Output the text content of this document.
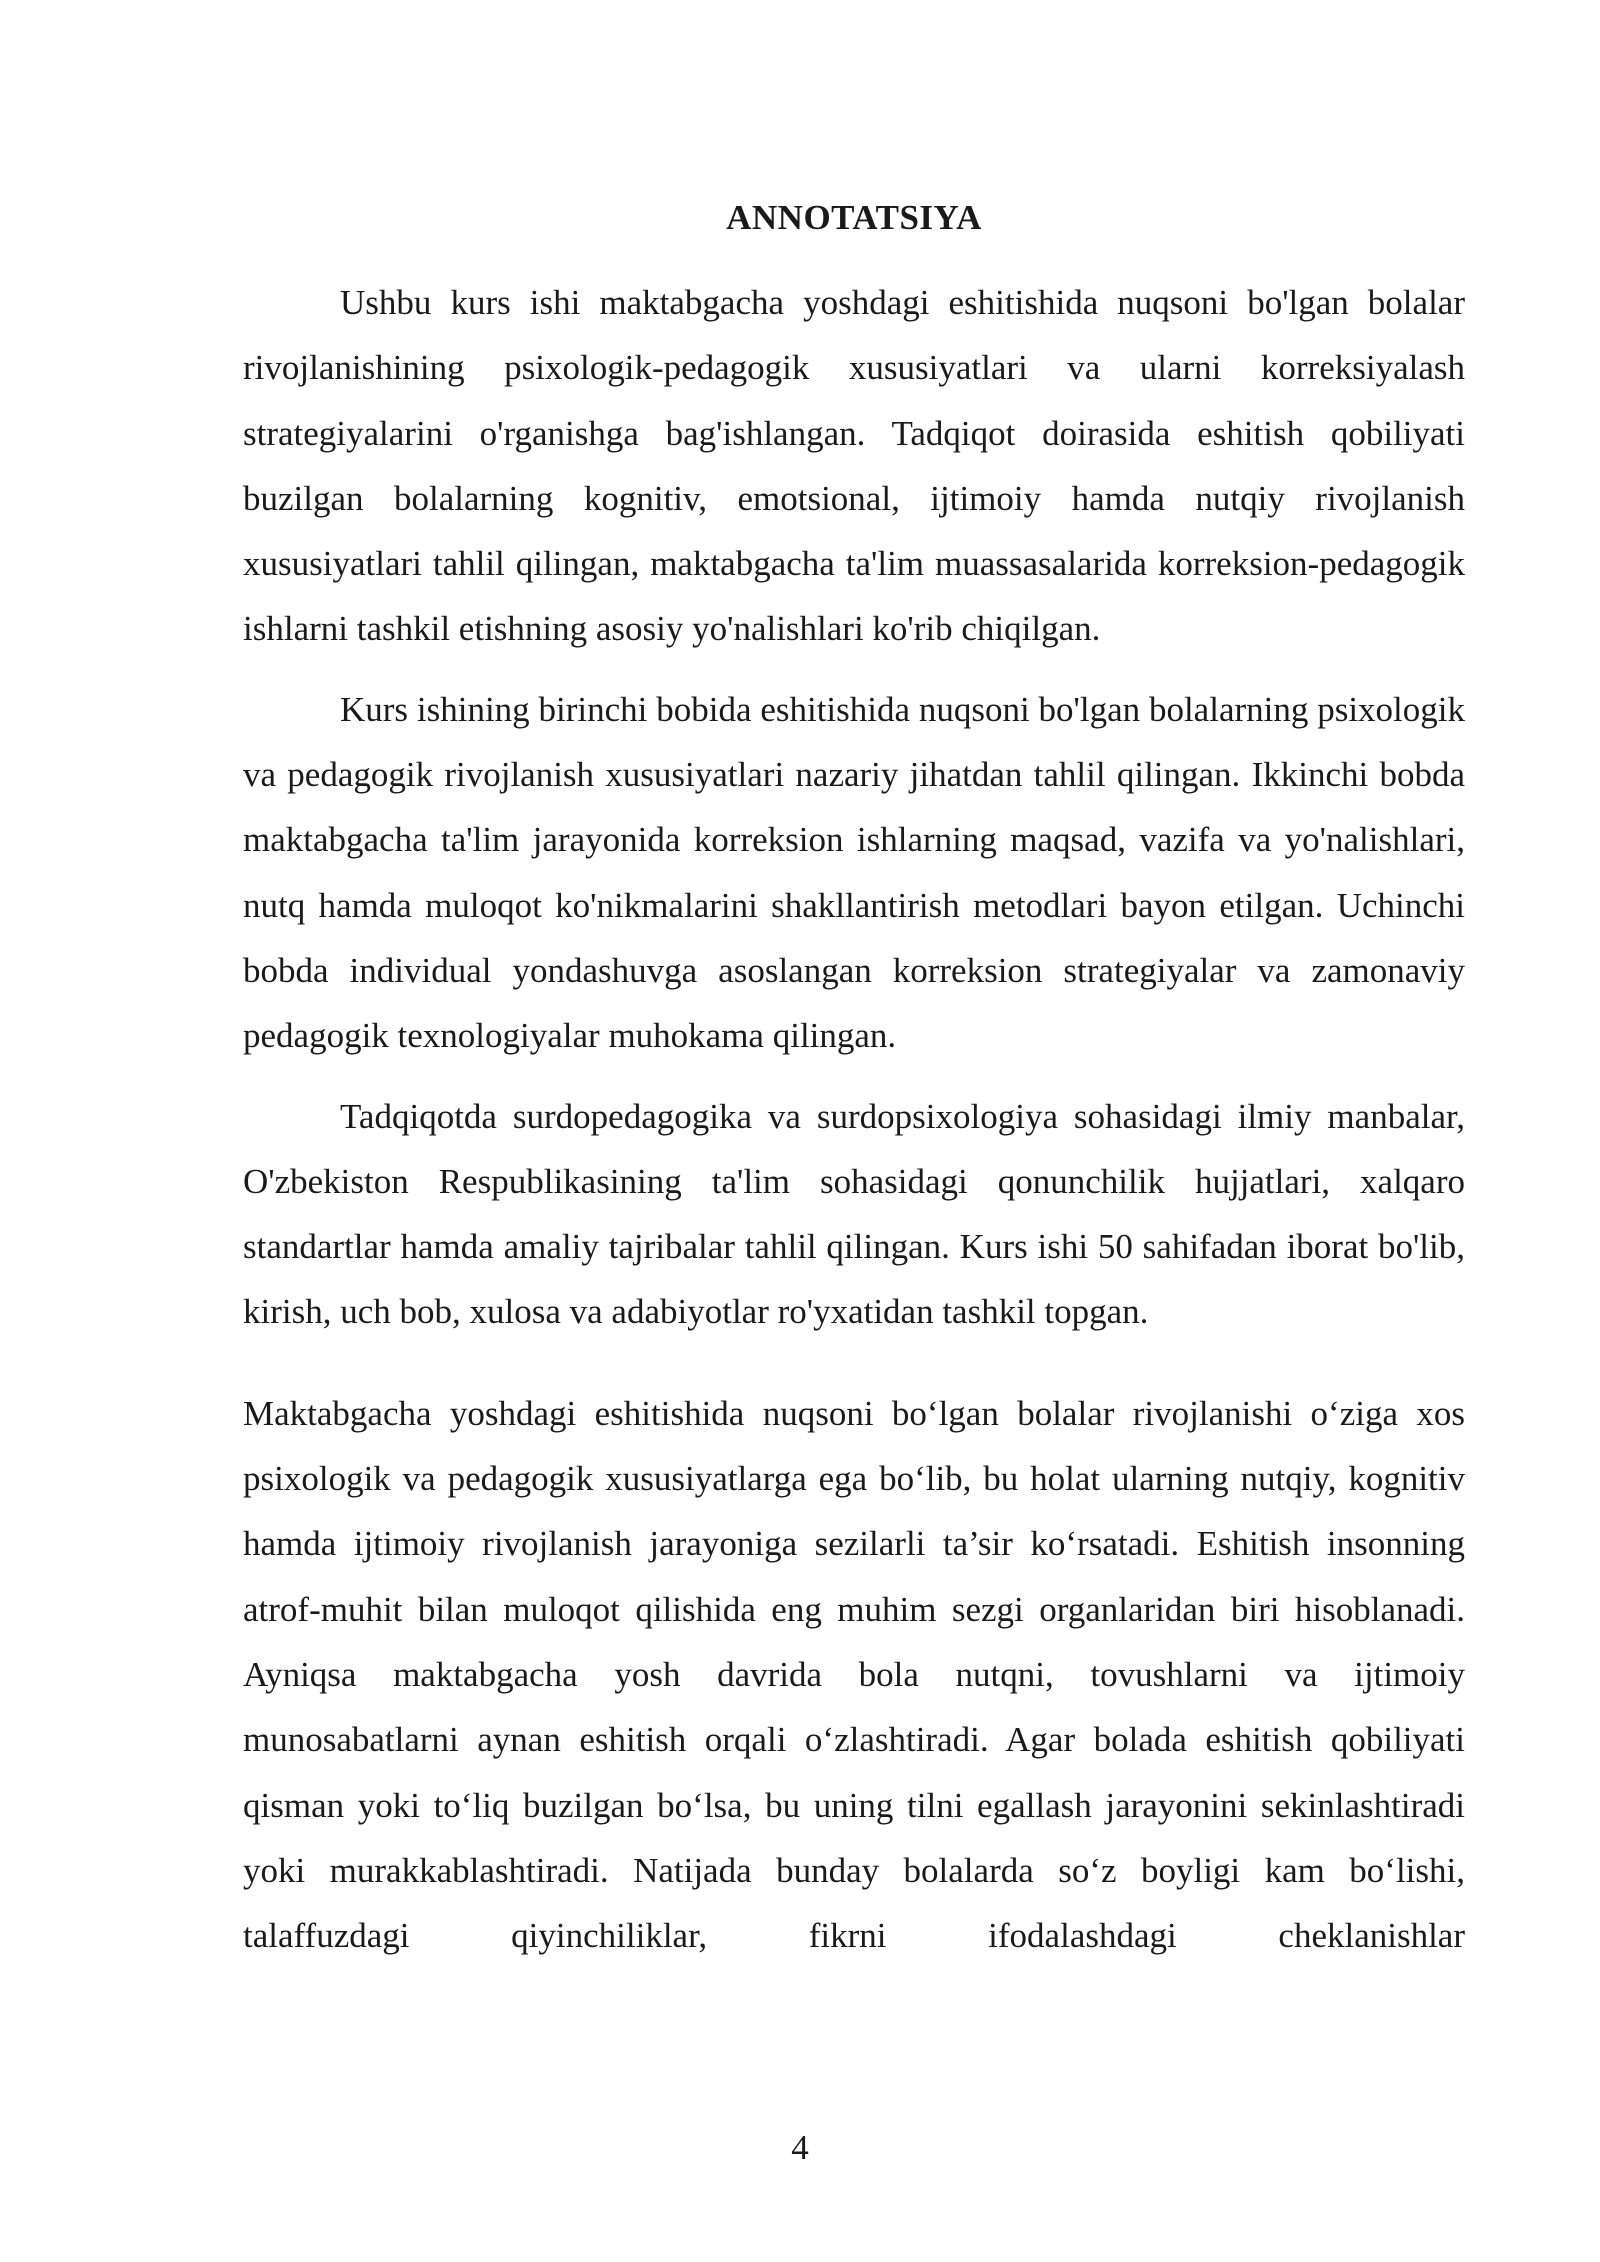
ANNOTATSIYA

Ushbu kurs ishi maktabgacha yoshdagi eshitishida nuqsoni bo'lgan bolalar rivojlanishining psixologik-pedagogik xususiyatlari va ularni korreksiyalash strategiyalarini o'rganishga bag'ishlangan. Tadqiqot doirasida eshitish qobiliyati buzilgan bolalarning kognitiv, emotsional, ijtimoiy hamda nutqiy rivojlanish xususiyatlari tahlil qilingan, maktabgacha ta'lim muassasalarida korreksion-pedagogik ishlarni tashkil etishning asosiy yo'nalishlari ko'rib chiqilgan.

Kurs ishining birinchi bobida eshitishida nuqsoni bo'lgan bolalarning psixologik va pedagogik rivojlanish xususiyatlari nazariy jihatdan tahlil qilingan. Ikkinchi bobda maktabgacha ta'lim jarayonida korreksion ishlarning maqsad, vazifa va yo'nalishlari, nutq hamda muloqot ko'nikmalarini shakllantirish metodlari bayon etilgan. Uchinchi bobda individual yondashuvga asoslangan korreksion strategiyalar va zamonaviy pedagogik texnologiyalar muhokama qilingan.

Tadqiqotda surdopedagogika va surdopsixologiya sohasidagi ilmiy manbalar, O'zbekiston Respublikasining ta'lim sohasidagi qonunchilik hujjatlari, xalqaro standartlar hamda amaliy tajribalar tahlil qilingan. Kurs ishi 50 sahifadan iborat bo'lib, kirish, uch bob, xulosa va adabiyotlar ro'yxatidan tashkil topgan.

Maktabgacha yoshdagi eshitishida nuqsoni bo‘lgan bolalar rivojlanishi o‘ziga xos psixologik va pedagogik xususiyatlarga ega bo‘lib, bu holat ularning nutqiy, kognitiv hamda ijtimoiy rivojlanish jarayoniga sezilarli ta’sir ko‘rsatadi. Eshitish insonning atrof-muhit bilan muloqot qilishida eng muhim sezgi organlaridan biri hisoblanadi. Ayniqsa maktabgacha yosh davrida bola nutqni, tovushlarni va ijtimoiy munosabatlarni aynan eshitish orqali o‘zlashtiradi. Agar bolada eshitish qobiliyati qisman yoki to‘liq buzilgan bo‘lsa, bu uning tilni egallash jarayonini sekinlashtiradi yoki murakkablashtiradi. Natijada bunday bolalarda so‘z boyligi kam bo‘lishi, talaffuzdagi qiyinchiliklar, fikrni ifodalashdagi cheklanishlar

4
